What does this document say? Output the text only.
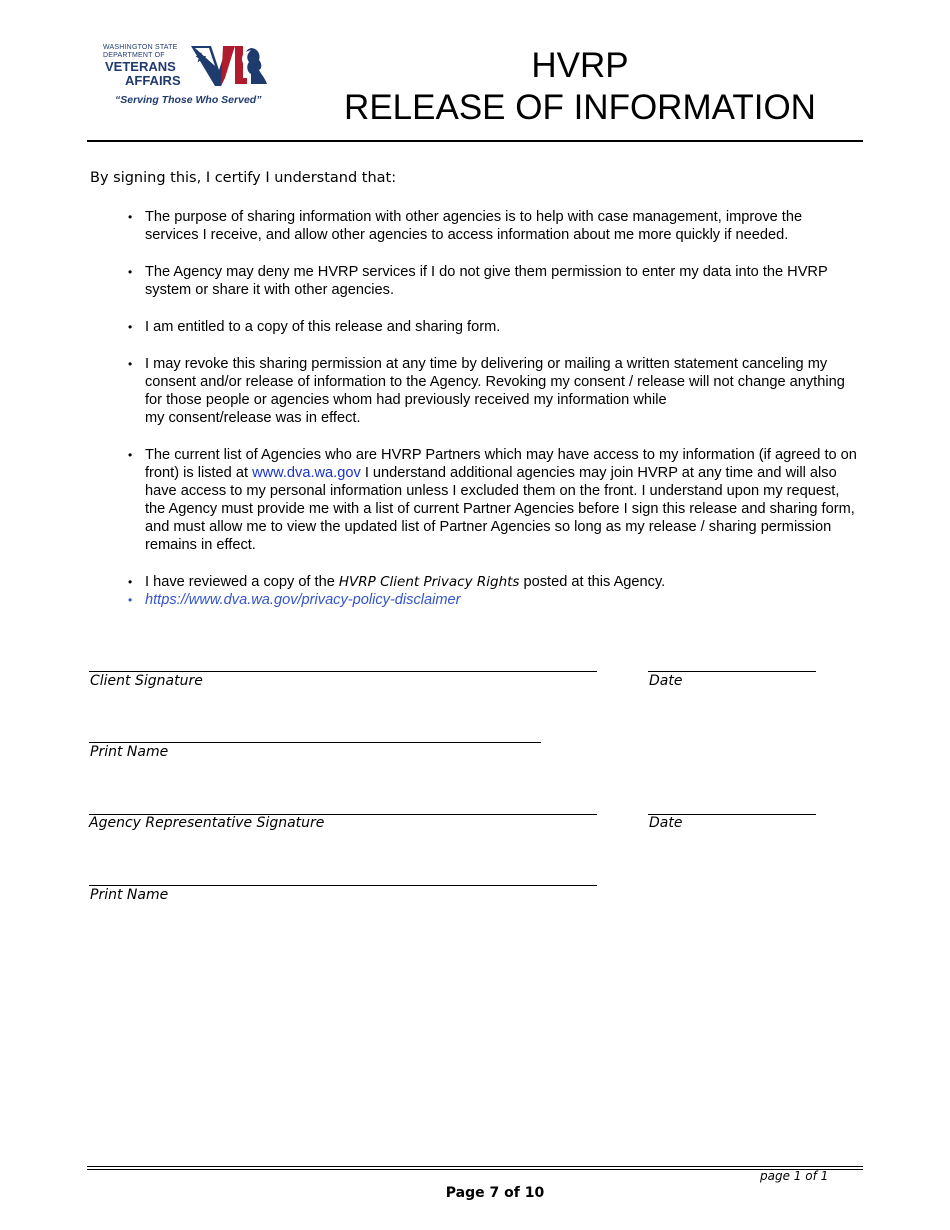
WASHINGTON STATE
DEPARTMENT OF
VETERANS
AFFAIRS
“Serving Those Who Served”
HVRP
RELEASE OF INFORMATION
By signing this, I certify I understand that:
• The purpose of sharing information with other agencies is to help with case management, improve the services I receive, and allow other agencies to access information about me more quickly if needed.
• The Agency may deny me HVRP services if I do not give them permission to enter my data into the HVRP system or share it with other agencies.
• I am entitled to a copy of this release and sharing form.
• I may revoke this sharing permission at any time by delivering or mailing a written statement canceling my consent and/or release of information to the Agency. Revoking my consent / release will not change anything for those people or agencies whom had previously received my information while
my consent/release was in effect.
• The current list of Agencies who are HVRP Partners which may have access to my information (if agreed to on front) is listed at www.dva.wa.gov I understand additional agencies may join HVRP at any time and will also have access to my personal information unless I excluded them on the front. I understand upon my request, the Agency must provide me with a list of current Partner Agencies before I sign this release and sharing form, and must allow me to view the updated list of Partner Agencies so long as my release / sharing permission remains in effect.
• I have reviewed a copy of the HVRP Client Privacy Rights posted at this Agency.
• https://www.dva.wa.gov/privacy-policy-disclaimer
Client Signature	Date
Print Name
Agency Representative Signature	Date
Print Name
page 1 of 1
Page 7 of 10
